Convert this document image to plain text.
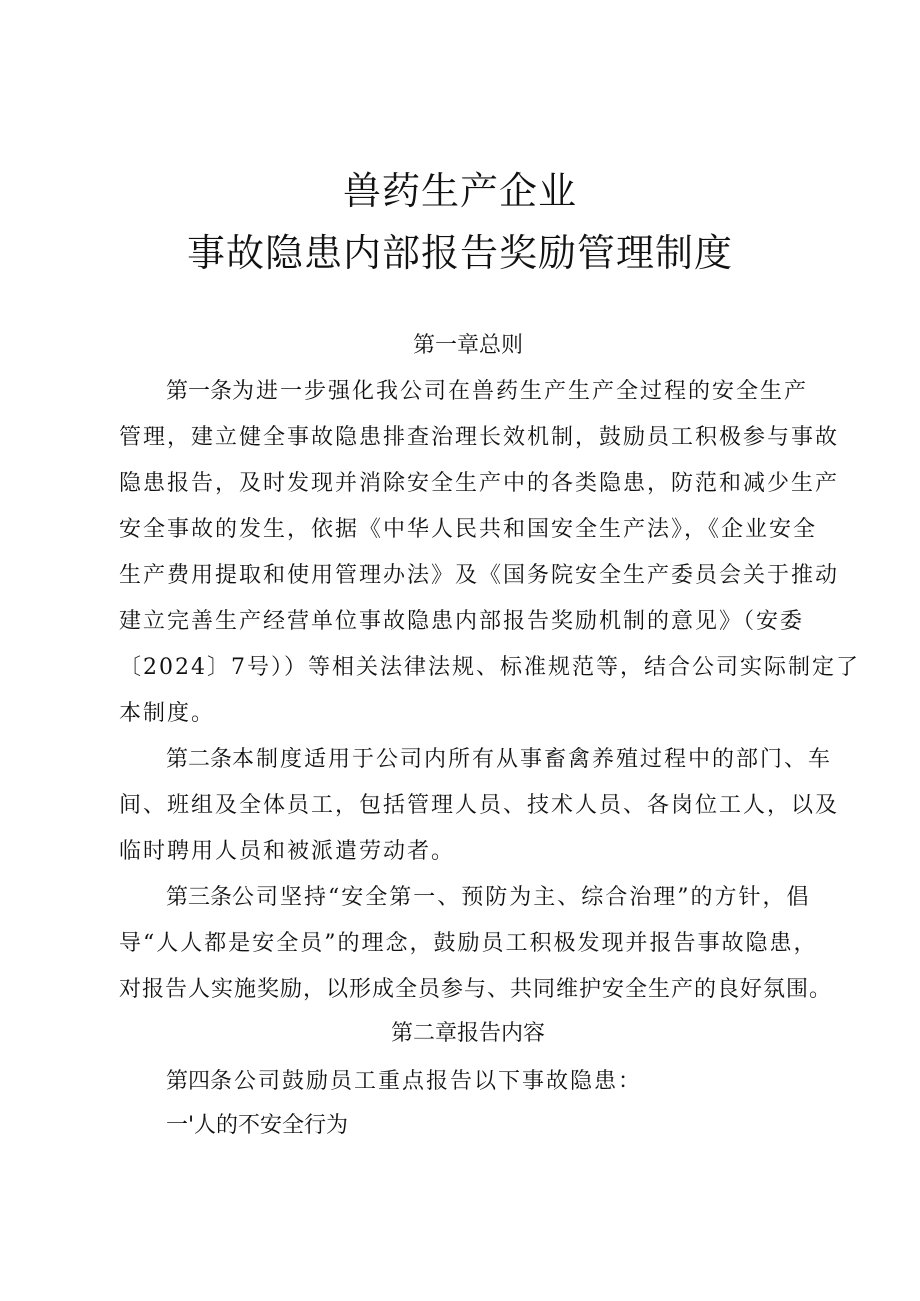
兽药生产企业
事故隐患内部报告奖励管理制度
第一章总则
第一条为进一步强化我公司在兽药生产生产全过程的安全生产
管理，建立健全事故隐患排查治理长效机制，鼓励员工积极参与事故
隐患报告，及时发现并消除安全生产中的各类隐患，防范和减少生产
安全事故的发生，依据《中华人民共和国安全生产法》，《企业安全
生产费用提取和使用管理办法》及《国务院安全生产委员会关于推动
建立完善生产经营单位事故隐患内部报告奖励机制的意见》（安委
〔2024〕7号））等相关法律法规、标准规范等，结合公司实际制定了
本制度。
第二条本制度适用于公司内所有从事畜禽养殖过程中的部门、车
间、班组及全体员工，包括管理人员、技术人员、各岗位工人，以及
临时聘用人员和被派遣劳动者。
第三条公司坚持“安全第一、预防为主、综合治理”的方针，倡
导“人人都是安全员”的理念，鼓励员工积极发现并报告事故隐患，
对报告人实施奖励，以形成全员参与、共同维护安全生产的良好氛围。
第二章报告内容
第四条公司鼓励员工重点报告以下事故隐患：
一'人的不安全行为
